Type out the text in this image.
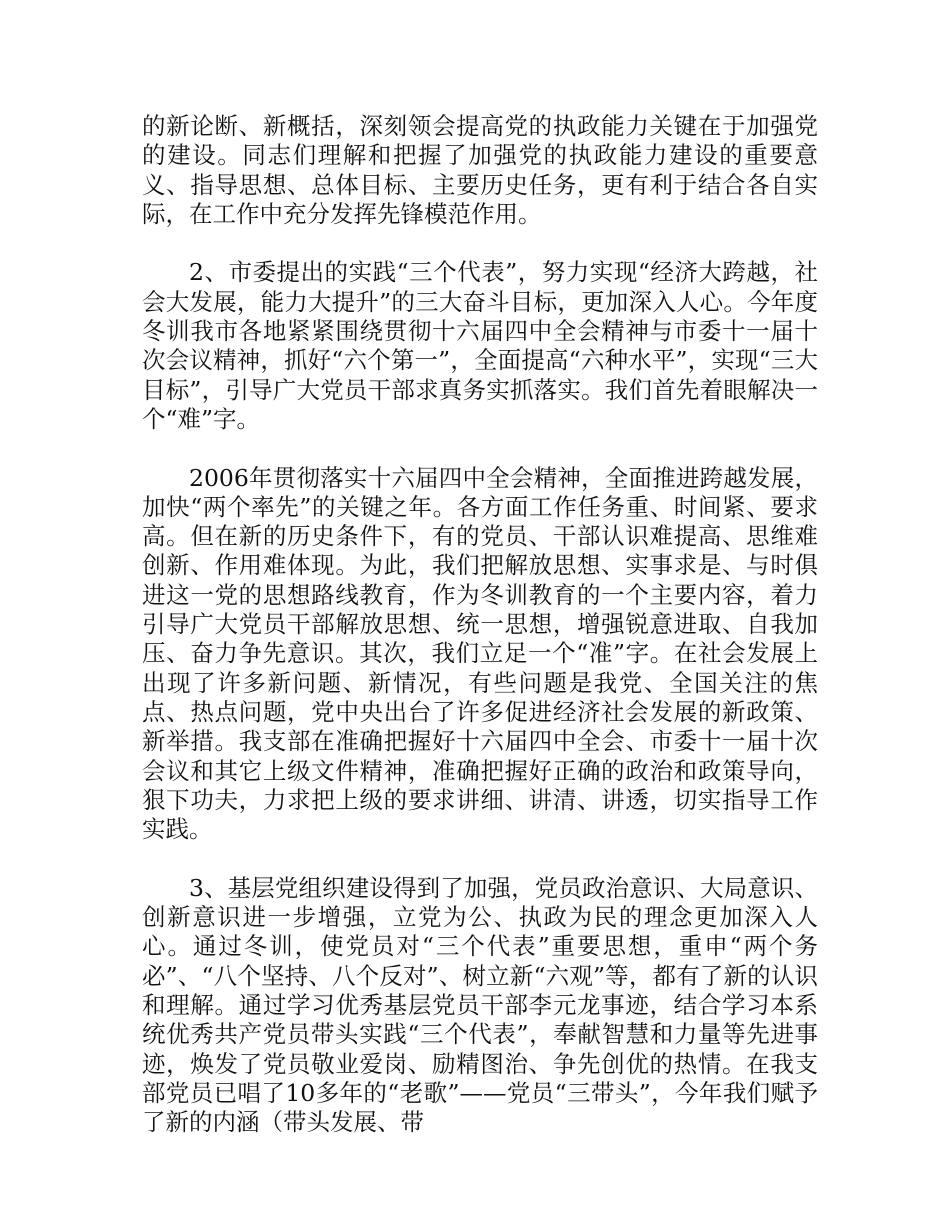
的新论断、新概括，深刻领会提高党的执政能力关键在于加强党的建设。同志们理解和把握了加强党的执政能力建设的重要意义、指导思想、总体目标、主要历史任务，更有利于结合各自实际，在工作中充分发挥先锋模范作用。

2、市委提出的实践“三个代表”，努力实现“经济大跨越，社会大发展，能力大提升”的三大奋斗目标，更加深入人心。今年度冬训我市各地紧紧围绕贯彻十六届四中全会精神与市委十一届十次会议精神，抓好“六个第一”，全面提高“六种水平”，实现“三大目标”，引导广大党员干部求真务实抓落实。我们首先着眼解决一个“难”字。

2006年贯彻落实十六届四中全会精神，全面推进跨越发展，加快“两个率先”的关键之年。各方面工作任务重、时间紧、要求高。但在新的历史条件下，有的党员、干部认识难提高、思维难创新、作用难体现。为此，我们把解放思想、实事求是、与时俱进这一党的思想路线教育，作为冬训教育的一个主要内容，着力引导广大党员干部解放思想、统一思想，增强锐意进取、自我加压、奋力争先意识。其次，我们立足一个“准”字。在社会发展上出现了许多新问题、新情况，有些问题是我党、全国关注的焦点、热点问题，党中央出台了许多促进经济社会发展的新政策、新举措。我支部在准确把握好十六届四中全会、市委十一届十次会议和其它上级文件精神，准确把握好正确的政治和政策导向，狠下功夫，力求把上级的要求讲细、讲清、讲透，切实指导工作实践。

3、基层党组织建设得到了加强，党员政治意识、大局意识、创新意识进一步增强，立党为公、执政为民的理念更加深入人心。通过冬训，使党员对“三个代表”重要思想，重申“两个务必”、“八个坚持、八个反对”、树立新“六观”等，都有了新的认识和理解。通过学习优秀基层党员干部李元龙事迹，结合学习本系统优秀共产党员带头实践“三个代表”，奉献智慧和力量等先进事迹，焕发了党员敬业爱岗、励精图治、争先创优的热情。在我支部党员已唱了10多年的“老歌”——党员“三带头”，今年我们赋予了新的内涵（带头发展、带
